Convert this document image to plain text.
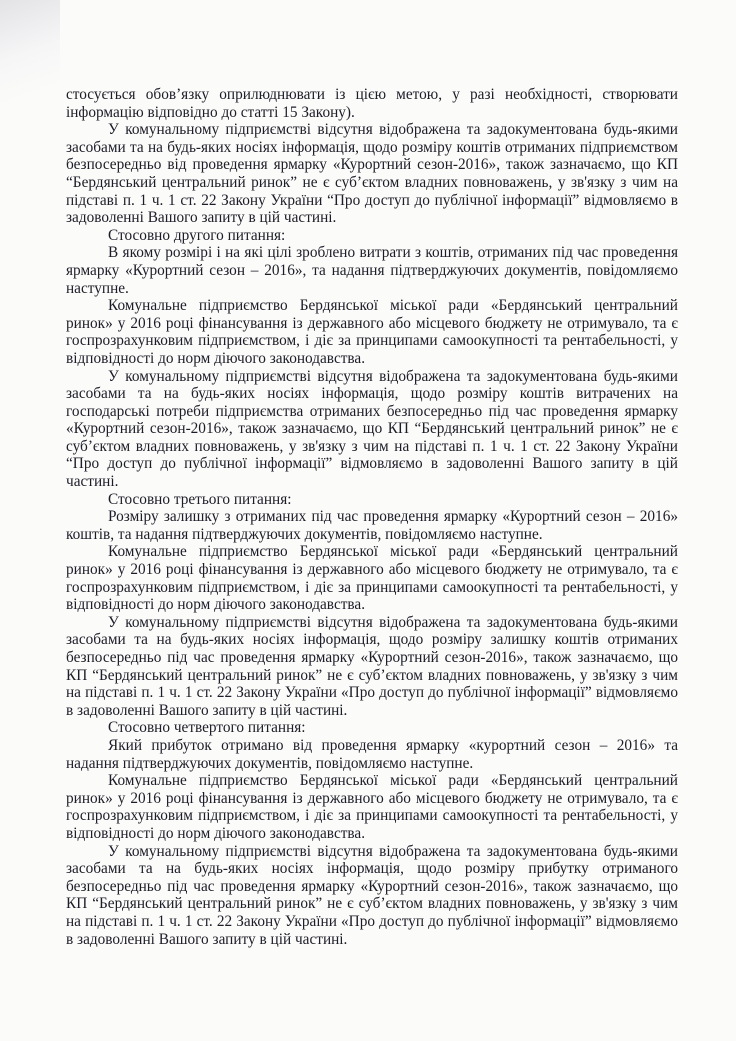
стосується обов’язку оприлюднювати із цією метою, у разі необхідності, створювати інформацію відповідно до статті 15 Закону).

У комунальному підприємстві відсутня відображена та задокументована будь-якими засобами та на будь-яких носіях інформація, щодо розміру коштів отриманих підприємством безпосередньо від проведення ярмарку «Курортний сезон-2016», також зазначаємо, що КП “Бердянський центральний ринок” не є суб’єктом владних повноважень, у зв'язку з чим на підставі п. 1 ч. 1 ст. 22 Закону України “Про доступ до публічної інформації” відмовляємо в задоволенні Вашого запиту в цій частині.

Стосовно другого питання:

В якому розмірі і на які цілі зроблено витрати з коштів, отриманих під час проведення ярмарку «Курортний сезон – 2016», та надання підтверджуючих документів, повідомляємо наступне.

Комунальне підприємство Бердянської міської ради «Бердянський центральний ринок» у 2016 році фінансування із державного або місцевого бюджету не отримувало, та є госпрозрахунковим підприємством, і діє за принципами самоокупності та рентабельності, у відповідності до норм діючого законодавства.

У комунальному підприємстві відсутня відображена та задокументована будь-якими засобами та на будь-яких носіях інформація, щодо розміру коштів витрачених на господарські потреби підприємства отриманих безпосередньо під час проведення ярмарку «Курортний сезон-2016», також зазначаємо, що КП “Бердянський центральний ринок” не є суб’єктом владних повноважень, у зв'язку з чим на підставі п. 1 ч. 1 ст. 22 Закону України “Про доступ до публічної інформації” відмовляємо в задоволенні Вашого запиту в цій частині.

Стосовно третього питання:

Розміру залишку з отриманих під час проведення ярмарку «Курортний сезон – 2016» коштів, та надання підтверджуючих документів, повідомляємо наступне.

Комунальне підприємство Бердянської міської ради «Бердянський центральний ринок» у 2016 році фінансування із державного або місцевого бюджету не отримувало, та є госпрозрахунковим підприємством, і діє за принципами самоокупності та рентабельності, у відповідності до норм діючого законодавства.

У комунальному підприємстві відсутня відображена та задокументована будь-якими засобами та на будь-яких носіях інформація, щодо розміру залишку коштів отриманих безпосередньо під час проведення ярмарку «Курортний сезон-2016», також зазначаємо, що КП “Бердянський центральний ринок” не є суб’єктом владних повноважень, у зв'язку з чим на підставі п. 1 ч. 1 ст. 22 Закону України «Про доступ до публічної інформації” відмовляємо в задоволенні Вашого запиту в цій частині.

Стосовно четвертого питання:

Який прибуток отримано від проведення ярмарку «курортний сезон – 2016» та надання підтверджуючих документів, повідомляємо наступне.

Комунальне підприємство Бердянської міської ради «Бердянський центральний ринок» у 2016 році фінансування із державного або місцевого бюджету не отримувало, та є госпрозрахунковим підприємством, і діє за принципами самоокупності та рентабельності, у відповідності до норм діючого законодавства.

У комунальному підприємстві відсутня відображена та задокументована будь-якими засобами та на будь-яких носіях інформація, щодо розміру прибутку отриманого безпосередньо під час проведення ярмарку «Курортний сезон-2016», також зазначаємо, що КП “Бердянський центральний ринок” не є суб’єктом владних повноважень, у зв'язку з чим на підставі п. 1 ч. 1 ст. 22 Закону України «Про доступ до публічної інформації” відмовляємо в задоволенні Вашого запиту в цій частині.
